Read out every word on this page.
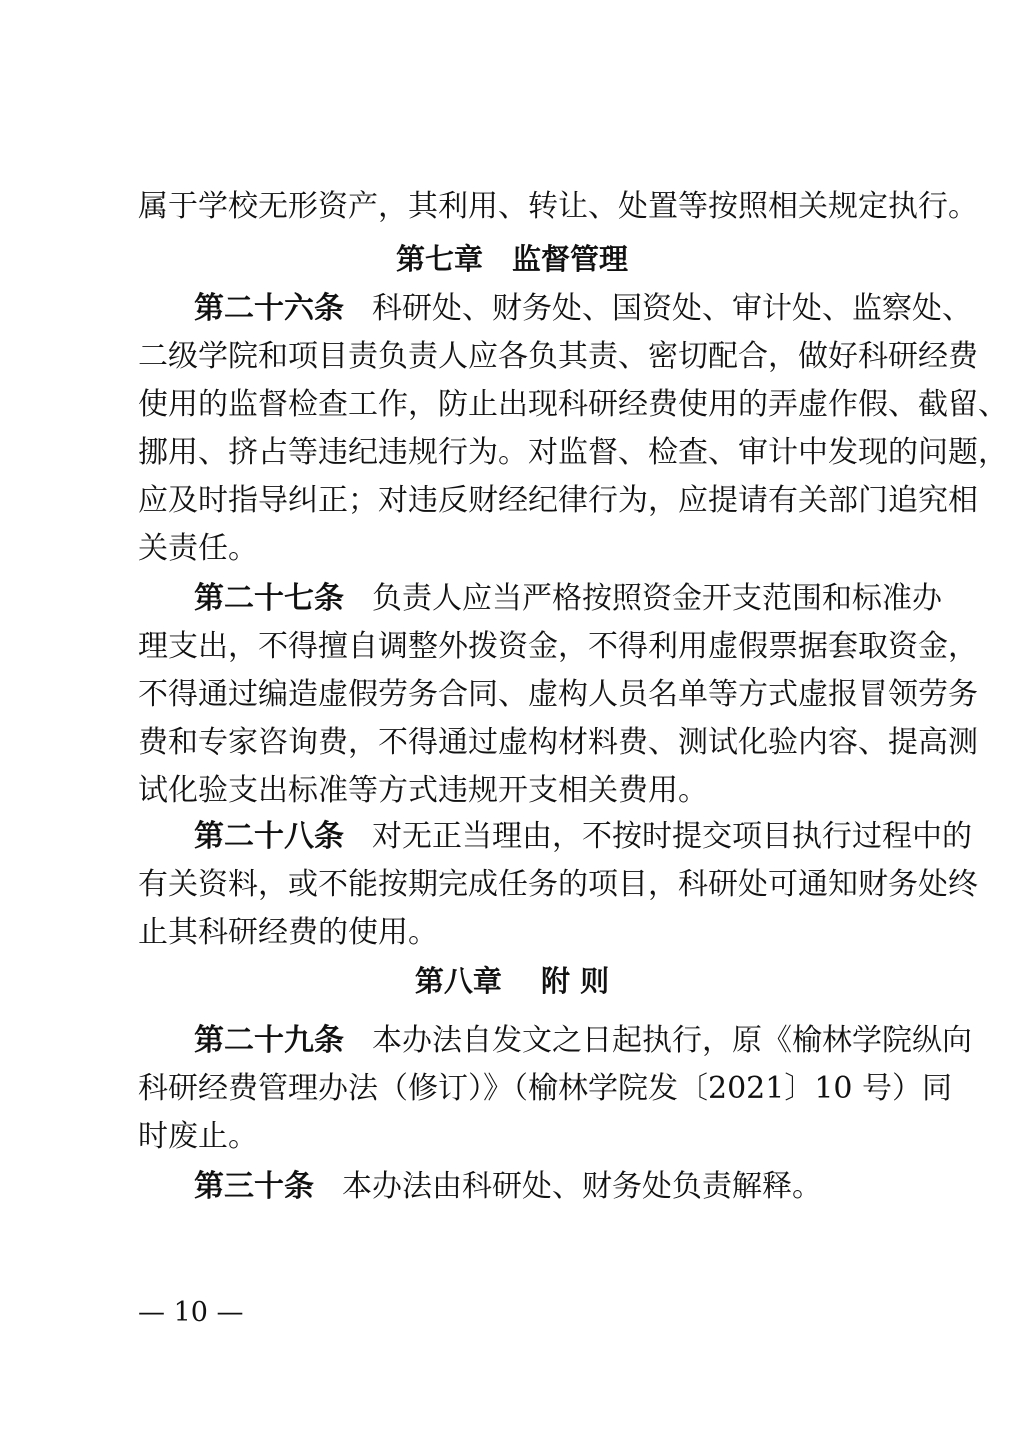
属于学校无形资产，其利用、转让、处置等按照相关规定执行。
第七章　监督管理
第二十六条 科研处、财务处、国资处、审计处、监察处、
二级学院和项目责负责人应各负其责、密切配合，做好科研经费
使用的监督检查工作，防止出现科研经费使用的弄虚作假、截留、
挪用、挤占等违纪违规行为。对监督、检查、审计中发现的问题，
应及时指导纠正；对违反财经纪律行为，应提请有关部门追究相
关责任。
第二十七条 负责人应当严格按照资金开支范围和标准办
理支出，不得擅自调整外拨资金，不得利用虚假票据套取资金，
不得通过编造虚假劳务合同、虚构人员名单等方式虚报冒领劳务
费和专家咨询费，不得通过虚构材料费、测试化验内容、提高测
试化验支出标准等方式违规开支相关费用。
第二十八条 对无正当理由，不按时提交项目执行过程中的
有关资料，或不能按期完成任务的项目，科研处可通知财务处终
止其科研经费的使用。
第八章　 附 则
第二十九条 本办法自发文之日起执行，原《榆林学院纵向
科研经费管理办法（修订）》（榆林学院发〔2021〕10 号）同
时废止。
第三十条 本办法由科研处、财务处负责解释。
— 10 —
